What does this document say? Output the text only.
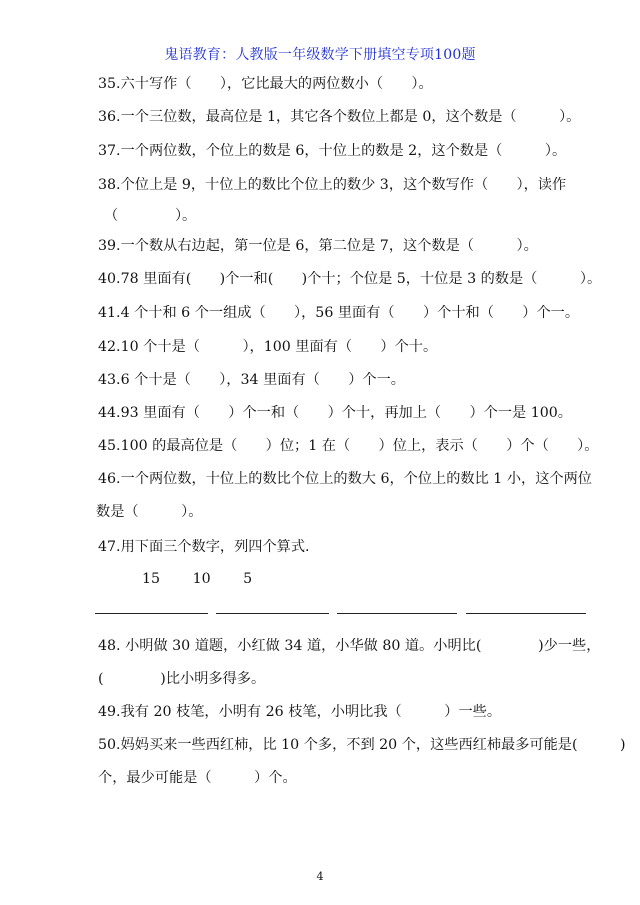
鬼语教育：人教版一年级数学下册填空专项100题
35.六十写作（　　），它比最大的两位数小（　　）。
36.一个三位数，最高位是 1，其它各个数位上都是 0，这个数是（　　　）。
37.一个两位数，个位上的数是 6，十位上的数是 2，这个数是（　　　）。
38.个位上是 9，十位上的数比个位上的数少 3，这个数写作（　　），读作
（　　　　）。
39.一个数从右边起，第一位是 6，第二位是 7，这个数是（　　　）。
40.78 里面有(　　)个一和(　　)个十；个位是 5，十位是 3 的数是（　　　）。
41.4 个十和 6 个一组成（　　），56 里面有（　　）个十和（　　）个一。
42.10 个十是（　　　），100 里面有（　　）个十。
43.6 个十是（　　），34 里面有（　　）个一。
44.93 里面有（　　）个一和（　　）个十，再加上（　　）个一是 100。
45.100 的最高位是（　　）位；1 在（　　）位上，表示（　　）个（　　）。
46.一个两位数，十位上的数比个位上的数大 6，个位上的数比 1 小，这个两位
数是（　　　）。
47.用下面三个数字，列四个算式.
15 10 5
48. 小明做 30 道题，小红做 34 道，小华做 80 道。小明比(　　　　)少一些，
(　　　　)比小明多得多。
49.我有 20 枝笔，小明有 26 枝笔，小明比我（　　　）一些。
50.妈妈买来一些西红柿，比 10 个多，不到 20 个，这些西红柿最多可能是(　　　)
个，最少可能是（　　　）个。
4
